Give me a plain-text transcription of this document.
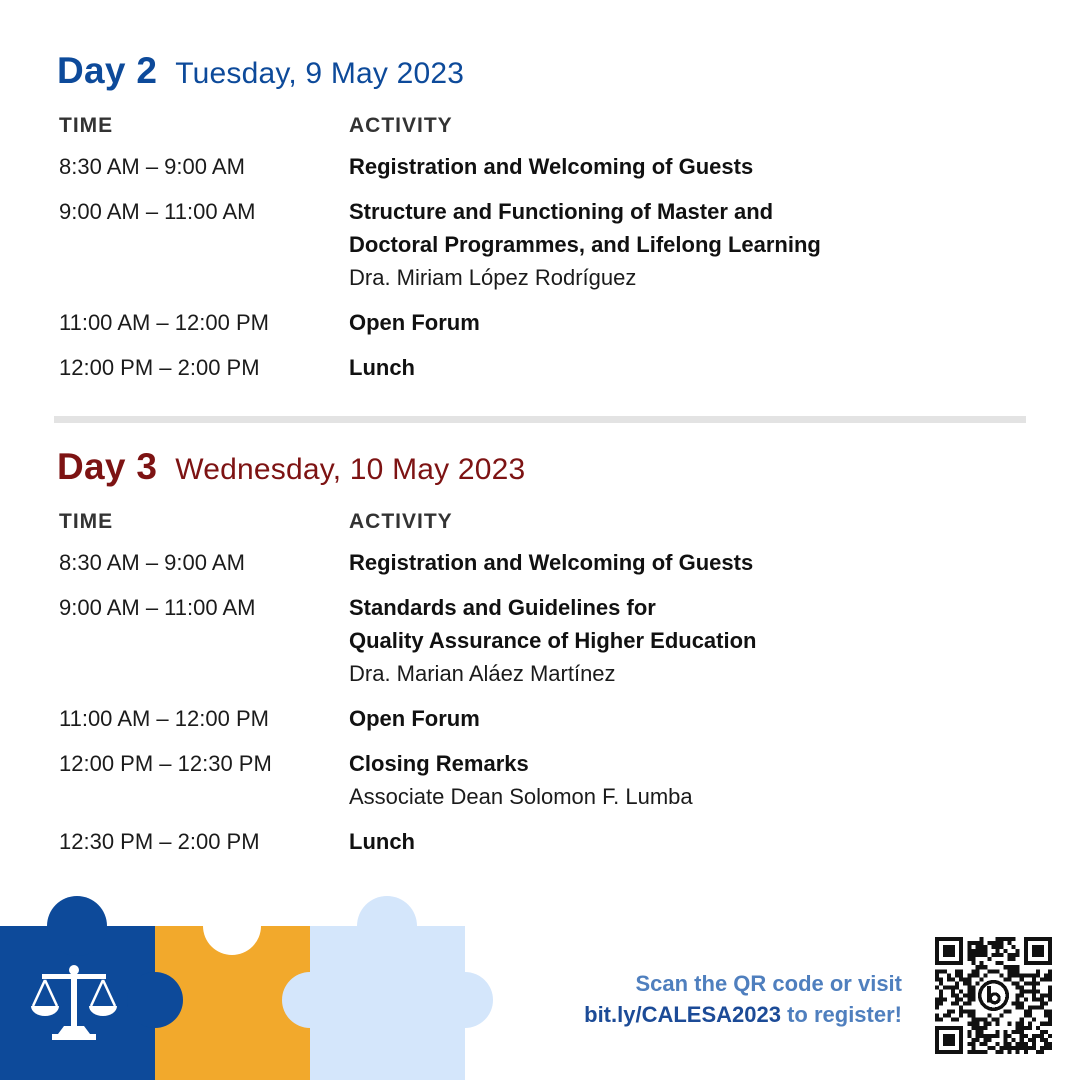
Day 2 Tuesday, 9 May 2023
TIME	ACTIVITY
8:30 AM – 9:00 AM	Registration and Welcoming of Guests
9:00 AM – 11:00 AM	Structure and Functioning of Master and
Doctoral Programmes, and Lifelong Learning
Dra. Miriam López Rodríguez
11:00 AM – 12:00 PM	Open Forum
12:00 PM – 2:00 PM	Lunch
Day 3 Wednesday, 10 May 2023
TIME	ACTIVITY
8:30 AM – 9:00 AM	Registration and Welcoming of Guests
9:00 AM – 11:00 AM	Standards and Guidelines for
Quality Assurance of Higher Education
Dra. Marian Aláez Martínez
11:00 AM – 12:00 PM	Open Forum
12:00 PM – 12:30 PM	Closing Remarks
Associate Dean Solomon F. Lumba
12:30 PM – 2:00 PM	Lunch
Scan the QR code or visit
bit.ly/CALESA2023 to register!
